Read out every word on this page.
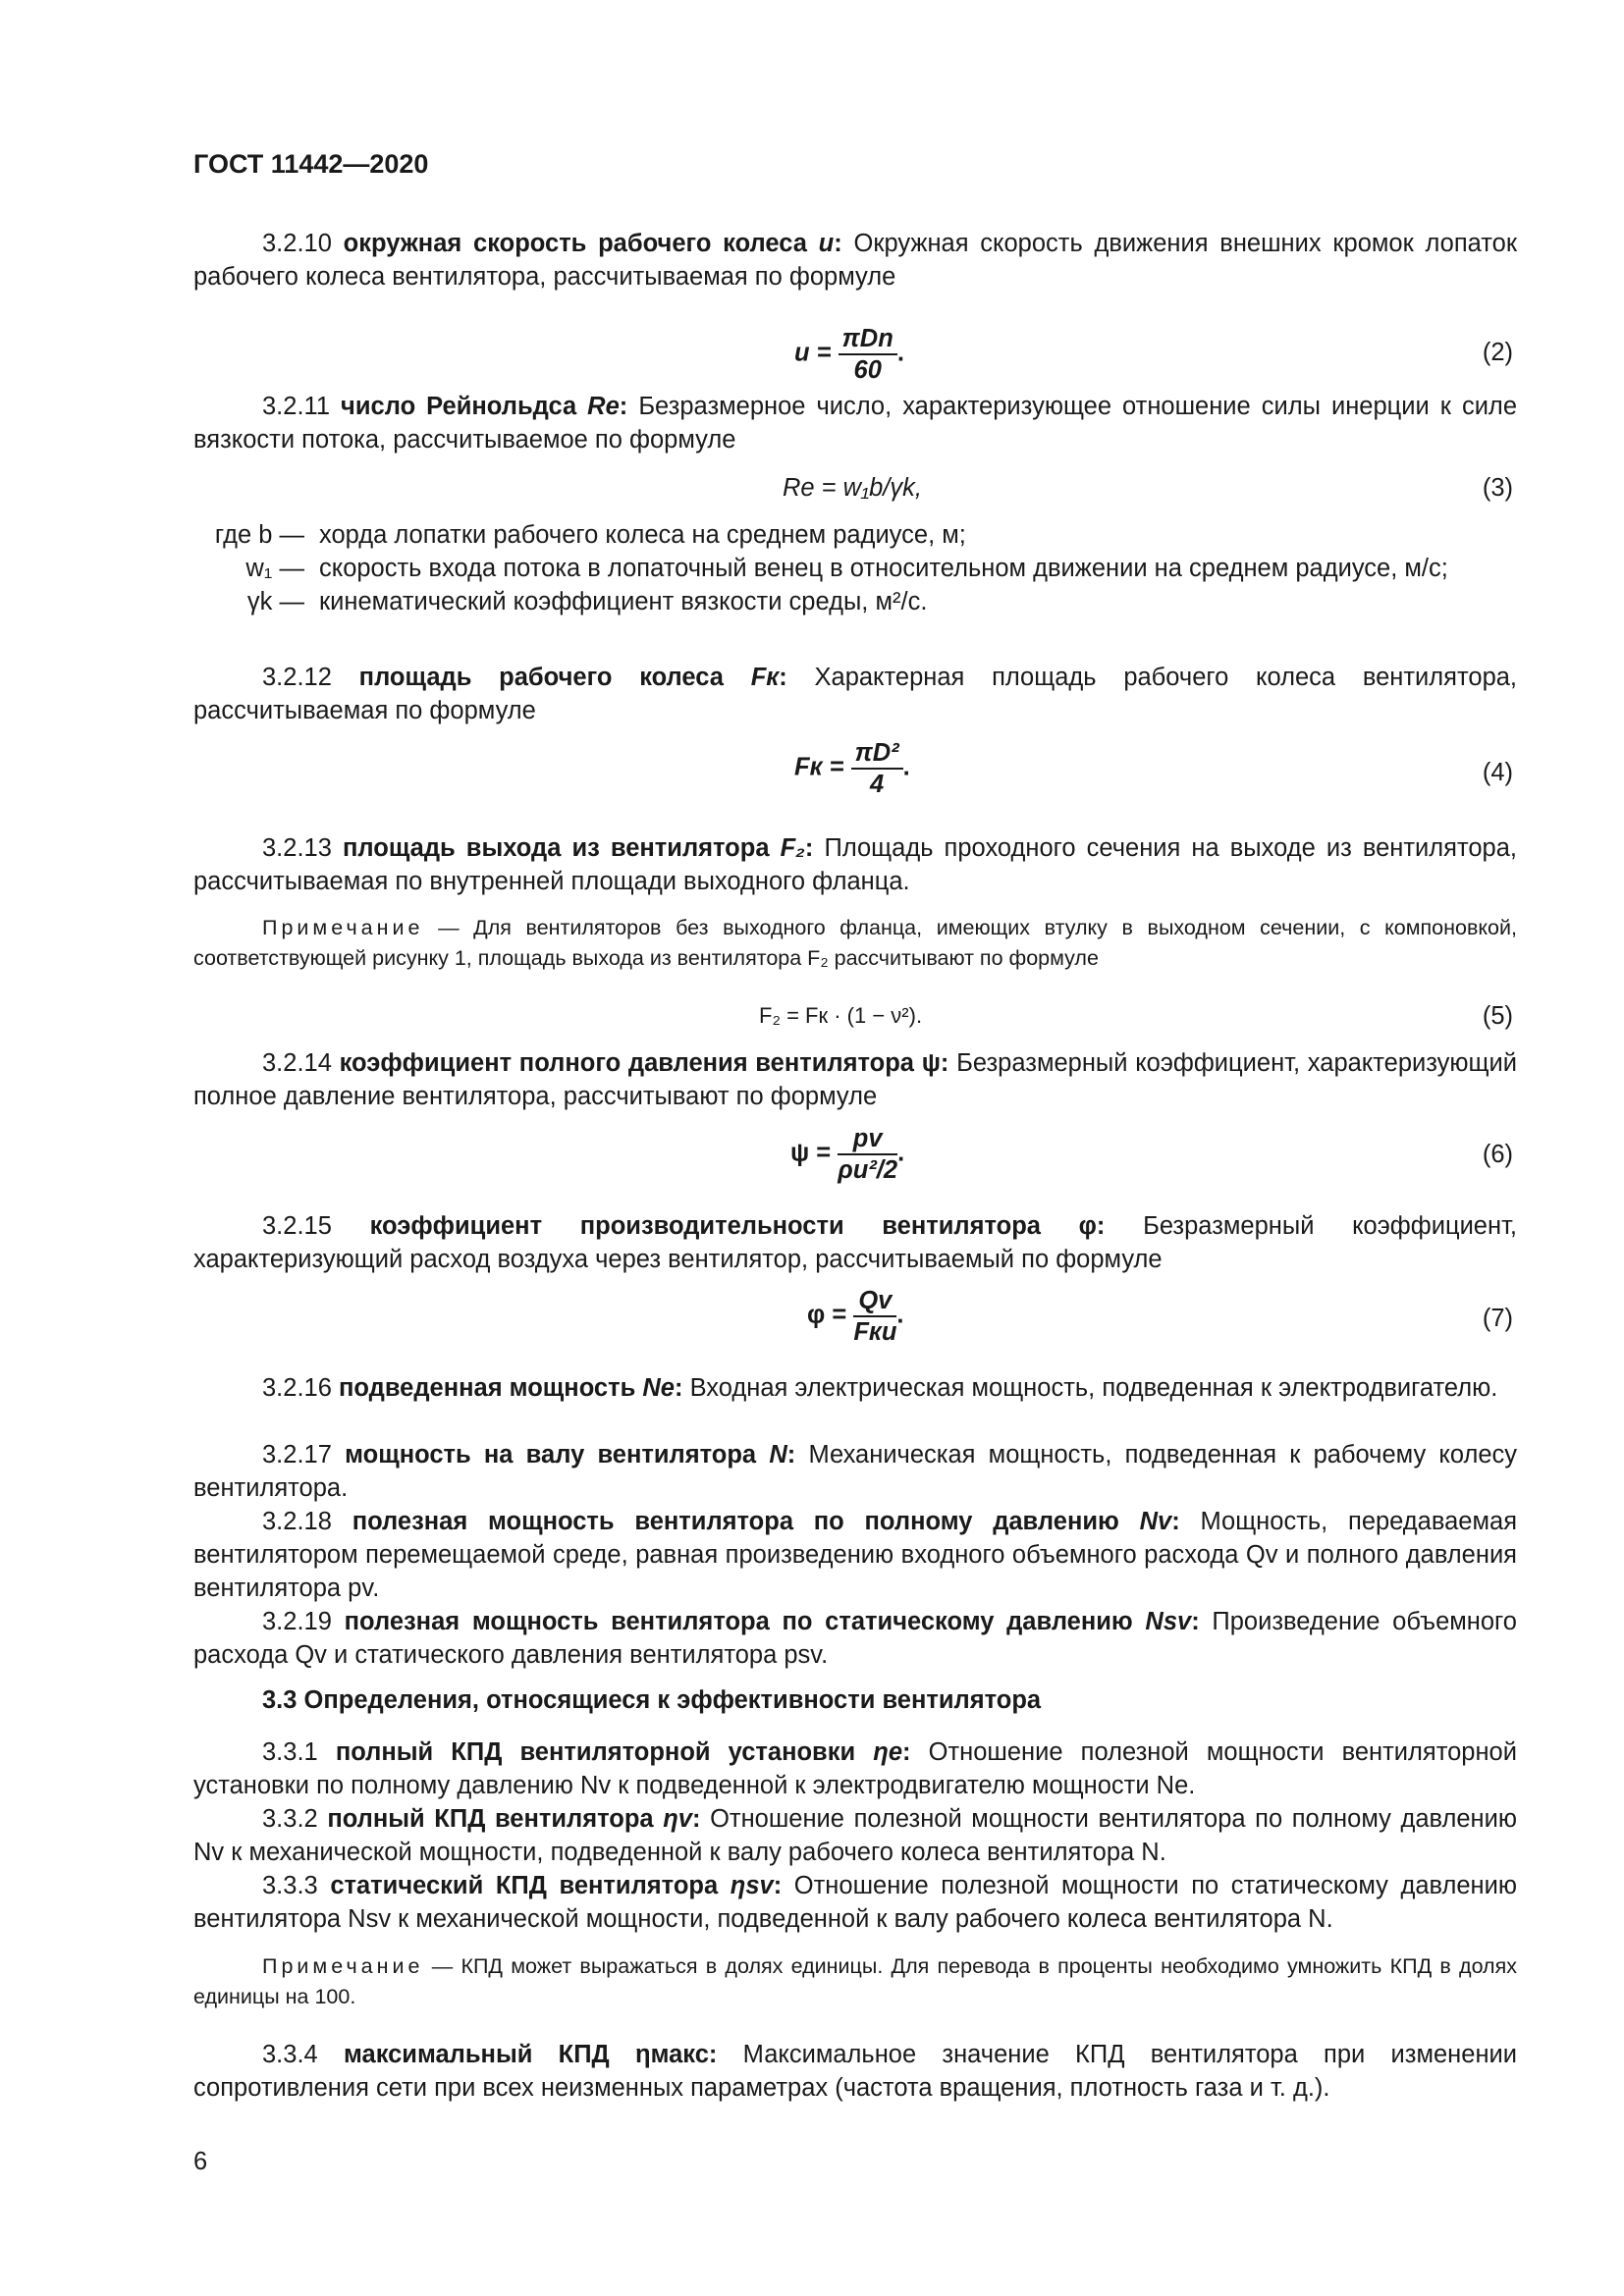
ГОСТ 11442—2020
3.2.10 окружная скорость рабочего колеса u: Окружная скорость движения внешних кромок лопаток рабочего колеса вентилятора, рассчитываемая по формуле
$u = \frac{\text{πDn}}{60}$ .	(2)
3.2.11 число Рейнольдса Re: Безразмерное число, характеризующее отношение силы инерции к силе вязкости потока, рассчитываемое по формуле
Re = w₁b/γk,	(3)
где b — хорда лопатки рабочего колеса на среднем радиусе, м;
w₁ — скорость входа потока в лопаточный венец в относительном движении на среднем радиусе, м/с;
γk — кинематический коэффициент вязкости среды, м²/с.
3.2.12 площадь рабочего колеса Fк: Характерная площадь рабочего колеса вентилятора, рассчитываемая по формуле
Fк = $\frac{\text{πD²}}{4}$ .	(4)
3.2.13 площадь выхода из вентилятора F₂: Площадь проходного сечения на выходе из вентилятора, рассчитываемая по внутренней площади выходного фланца.
Примечание — Для вентиляторов без выходного фланца, имеющих втулку в выходном сечении, с компоновкой, соответствующей рисунку 1, площадь выхода из вентилятора F₂ рассчитывают по формуле
F₂ = Fк · (1 − ν²).	(5)
3.2.14 коэффициент полного давления вентилятора ψ: Безразмерный коэффициент, характеризующий полное давление вентилятора, рассчитывают по формуле
$\psi = \frac{pv}{\text{ρu²/2}}$ .	(6)
3.2.15 коэффициент производительности вентилятора φ: Безразмерный коэффициент, характеризующий расход воздуха через вентилятор, рассчитываемый по формуле
$\varphi = \frac{Qv}{\text{Fкu}}$ .	(7)
3.2.16 подведенная мощность Ne: Входная электрическая мощность, подведенная к электродвигателю.
3.2.17 мощность на валу вентилятора N: Механическая мощность, подведенная к рабочему колесу вентилятора.
3.2.18 полезная мощность вентилятора по полному давлению Nv: Мощность, передаваемая вентилятором перемещаемой среде, равная произведению входного объемного расхода Qv и полного давления вентилятора pv.
3.2.19 полезная мощность вентилятора по статическому давлению Nsv: Произведение объемного расхода Qv и статического давления вентилятора psv.
3.3 Определения, относящиеся к эффективности вентилятора
3.3.1 полный КПД вентиляторной установки ηe: Отношение полезной мощности вентиляторной установки по полному давлению Nv к подведенной к электродвигателю мощности Ne.
3.3.2 полный КПД вентилятора ηv: Отношение полезной мощности вентилятора по полному давлению Nv к механической мощности, подведенной к валу рабочего колеса вентилятора N.
3.3.3 статический КПД вентилятора ηsv: Отношение полезной мощности по статическому давлению вентилятора Nsv к механической мощности, подведенной к валу рабочего колеса вентилятора N.
Примечание — КПД может выражаться в долях единицы. Для перевода в проценты необходимо умножить КПД в долях единицы на 100.
3.3.4 максимальный КПД ηмакс: Максимальное значение КПД вентилятора при изменении сопротивления сети при всех неизменных параметрах (частота вращения, плотность газа и т. д.).
6
